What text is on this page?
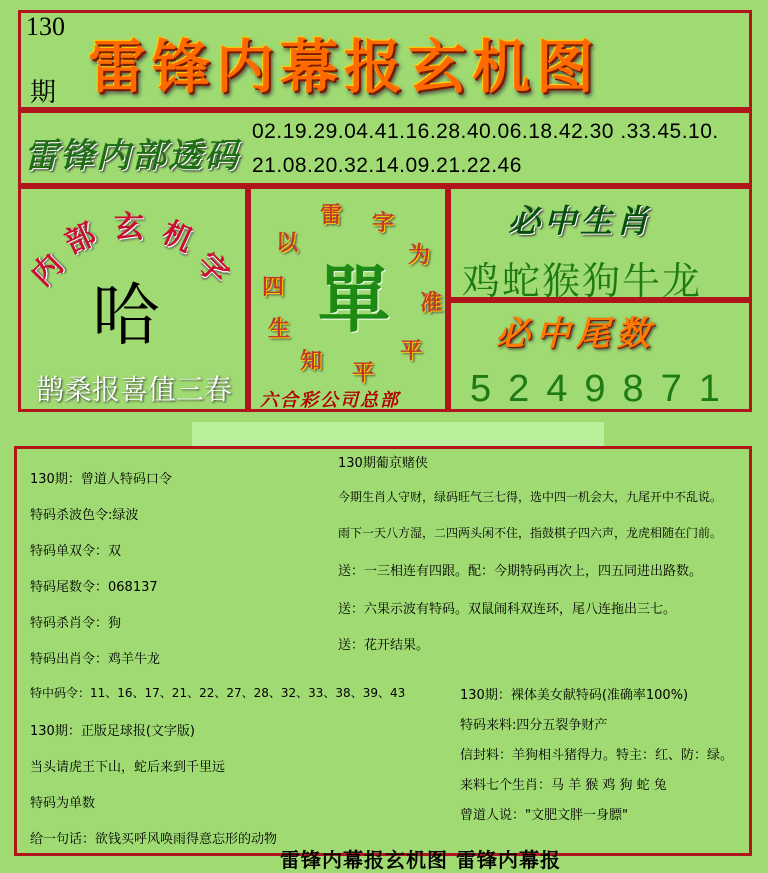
130
期 雷锋内幕报玄机图
雷锋内部透码
02.19.29.04.41.16.28.40.06.18.42.30 .33.45.10.
21.08.20.32.14.09.21.22.46
内
部 玄 机
字
哈
鹊桑报喜值三春
四
以
雷 字
为
准
平
平
知
生 單
六合彩公司总部
必中生肖
鸡蛇猴狗牛龙
必中尾数
5249871
130期：曾道人特码口令
特码杀波色令:绿波
特码单双令：双
特码尾数令：068137
特码杀肖令：狗
特码出肖令：鸡羊牛龙
特中码令：11、16、17、21、22、27、28、32、33、38、39、43
130期：正版足球报(文字版)
当头请虎王下山，蛇后来到千里远
特码为单数
给一句话：欲钱买呼风唤雨得意忘形的动物
130期葡京赌侠
今期生肖人守财，绿码旺气三七得，选中四一机会大，九尾开中不乱说。
雨下一天八方湿，二四两头闲不住，指鼓棋子四六声，龙虎相随在门前。
送：一三相连有四跟。配：今期特码再次上，四五同进出路数。
送：六果示波有特码。双鼠闹科双连环，尾八连拖出三七。
送：花开结果。
130期：裸体美女献特码(准确率100%)
特码来料:四分五裂争财产
信封料：羊狗相斗猪得力。特主：红、防：绿。
来料七个生肖：马 羊 猴 鸡 狗 蛇 兔
曾道人说："文肥文胖一身膘"
雷锋内幕报玄机图 雷锋内幕报
